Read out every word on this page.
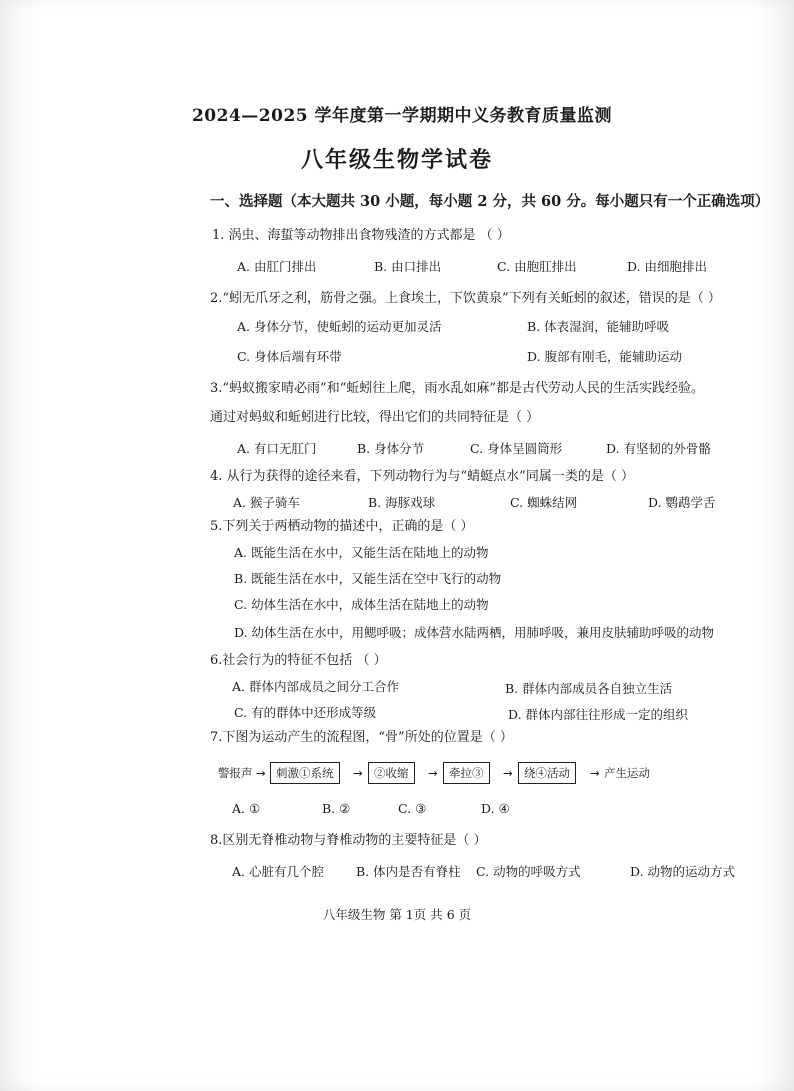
2024—2025 学年度第一学期期中义务教育质量监测
八年级生物学试卷
一、选择题（本大题共 30 小题，每小题 2 分，共 60 分。每小题只有一个正确选项）
1. 涡虫、海蜇等动物排出食物残渣的方式都是 （ ）
A. 由肛门排出	B. 由口排出	C. 由胞肛排出	D. 由细胞排出
2.“蚓无爪牙之利，筋骨之强。上食埃土，下饮黄泉”下列有关蚯蚓的叙述，错误的是（ ）
A. 身体分节，使蚯蚓的运动更加灵活	B. 体表湿润，能辅助呼吸
C. 身体后端有环带	D. 腹部有刚毛，能辅助运动
3.“蚂蚁搬家晴必雨”和“蚯蚓往上爬，雨水乱如麻”都是古代劳动人民的生活实践经验。
通过对蚂蚁和蚯蚓进行比较，得出它们的共同特征是（ ）
A. 有口无肛门	B. 身体分节	C. 身体呈圆筒形	D. 有坚韧的外骨骼
4. 从行为获得的途径来看，下列动物行为与“蜻蜓点水”同属一类的是（ ）
A. 猴子骑车	B. 海豚戏球	C. 蜘蛛结网	D. 鹦鹉学舌
5.下列关于两栖动物的描述中，正确的是（ ）
A. 既能生活在水中，又能生活在陆地上的动物
B. 既能生活在水中，又能生活在空中飞行的动物
C. 幼体生活在水中，成体生活在陆地上的动物
D. 幼体生活在水中，用鳃呼吸；成体营水陆两栖，用肺呼吸，兼用皮肤辅助呼吸的动物
6.社会行为的特征不包括 （ ）
A. 群体内部成员之间分工合作	B. 群体内部成员各自独立生活
C. 有的群体中还形成等级	D. 群体内部往往形成一定的组织
7.下图为运动产生的流程图，“骨”所处的位置是（ ）
警报声 → 刺激①系统	→ ②收缩	→ 牵拉③	→ 绕④活动	→ 产生运动
A. ①	B. ②	C. ③	D. ④
8.区别无脊椎动物与脊椎动物的主要特征是（ ）
A. 心脏有几个腔	B. 体内是否有脊柱 C. 动物的呼吸方式	D. 动物的运动方式
八年级生物 第 1页 共 6 页
